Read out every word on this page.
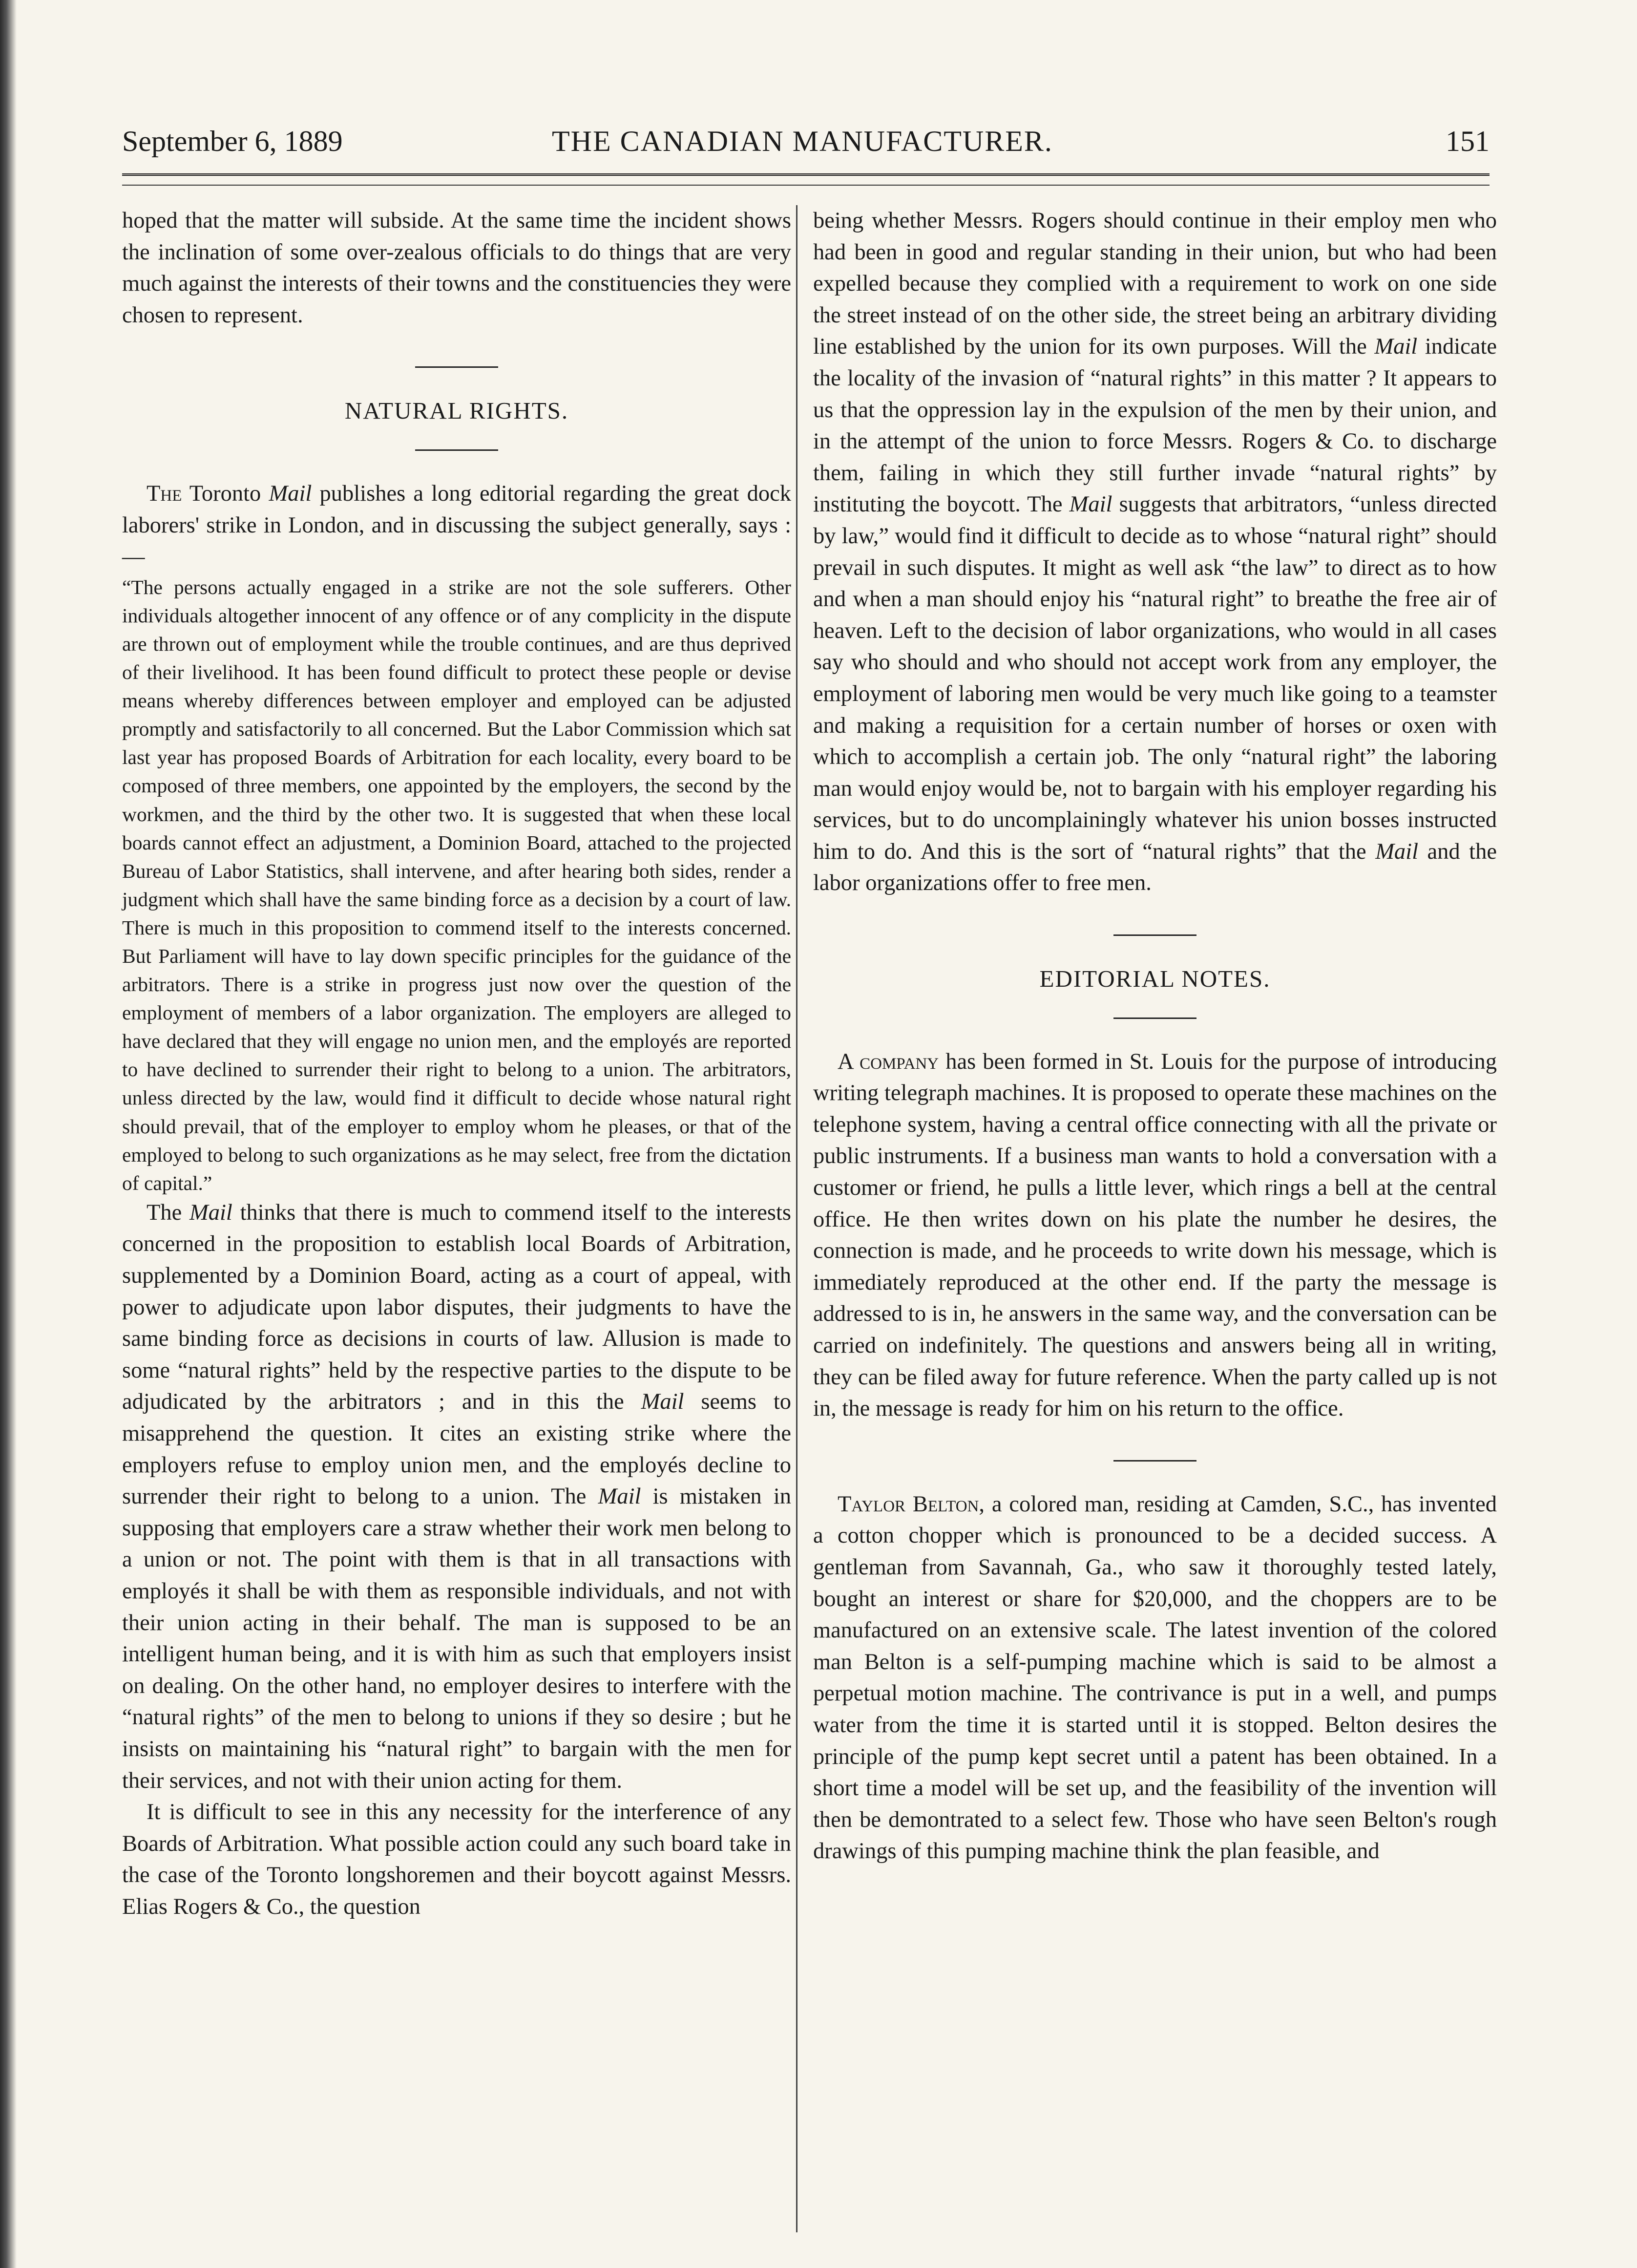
September 6, 1889	THE CANADIAN MANUFACTURER.	151

hoped that the matter will subside. At the same time the incident shows the inclination of some over-zealous officials to do things that are very much against the interests of their towns and the constituencies they were chosen to represent.

NATURAL RIGHTS.

The Toronto Mail publishes a long editorial regarding the great dock laborers' strike in London, and in discussing the subject generally, says :—

“The persons actually engaged in a strike are not the sole sufferers. Other individuals altogether innocent of any offence or of any complicity in the dispute are thrown out of employment while the trouble continues, and are thus deprived of their livelihood. It has been found difficult to protect these people or devise means whereby differences between employer and employed can be adjusted promptly and satisfactorily to all concerned. But the Labor Commission which sat last year has proposed Boards of Arbitration for each locality, every board to be composed of three members, one appointed by the employers, the second by the workmen, and the third by the other two. It is suggested that when these local boards cannot effect an adjustment, a Dominion Board, attached to the projected Bureau of Labor Statistics, shall intervene, and after hearing both sides, render a judgment which shall have the same binding force as a decision by a court of law. There is much in this proposition to commend itself to the interests concerned. But Parliament will have to lay down specific principles for the guidance of the arbitrators. There is a strike in progress just now over the question of the employment of members of a labor organization. The employers are alleged to have declared that they will engage no union men, and the employés are reported to have declined to surrender their right to belong to a union. The arbitrators, unless directed by the law, would find it difficult to decide whose natural right should prevail, that of the employer to employ whom he pleases, or that of the employed to belong to such organizations as he may select, free from the dictation of capital.”

The Mail thinks that there is much to commend itself to the interests concerned in the proposition to establish local Boards of Arbitration, supplemented by a Dominion Board, acting as a court of appeal, with power to adjudicate upon labor disputes, their judgments to have the same binding force as decisions in courts of law. Allusion is made to some “natural rights” held by the respective parties to the dispute to be adjudicated by the arbitrators ; and in this the Mail seems to misapprehend the question. It cites an existing strike where the employers refuse to employ union men, and the employés decline to surrender their right to belong to a union. The Mail is mistaken in supposing that employers care a straw whether their work men belong to a union or not. The point with them is that in all transactions with employés it shall be with them as responsible individuals, and not with their union acting in their behalf. The man is supposed to be an intelligent human being, and it is with him as such that employers insist on dealing. On the other hand, no employer desires to interfere with the “natural rights” of the men to belong to unions if they so desire ; but he insists on maintaining his “natural right” to bargain with the men for their services, and not with their union acting for them.

It is difficult to see in this any necessity for the interference of any Boards of Arbitration. What possible action could any such board take in the case of the Toronto longshoremen and their boycott against Messrs. Elias Rogers & Co., the question

being whether Messrs. Rogers should continue in their employ men who had been in good and regular standing in their union, but who had been expelled because they complied with a requirement to work on one side the street instead of on the other side, the street being an arbitrary dividing line established by the union for its own purposes. Will the Mail indicate the locality of the invasion of “natural rights” in this matter ? It appears to us that the oppression lay in the expulsion of the men by their union, and in the attempt of the union to force Messrs. Rogers & Co. to discharge them, failing in which they still further invade “natural rights” by instituting the boycott. The Mail suggests that arbitrators, “unless directed by law,” would find it difficult to decide as to whose “natural right” should prevail in such disputes. It might as well ask “the law” to direct as to how and when a man should enjoy his “natural right” to breathe the free air of heaven. Left to the decision of labor organizations, who would in all cases say who should and who should not accept work from any employer, the employment of laboring men would be very much like going to a teamster and making a requisition for a certain number of horses or oxen with which to accomplish a certain job. The only “natural right” the laboring man would enjoy would be, not to bargain with his employer regarding his services, but to do uncomplainingly whatever his union bosses instructed him to do. And this is the sort of “natural rights” that the Mail and the labor organizations offer to free men.

EDITORIAL NOTES.

A company has been formed in St. Louis for the purpose of introducing writing telegraph machines. It is proposed to operate these machines on the telephone system, having a central office connecting with all the private or public instruments. If a business man wants to hold a conversation with a customer or friend, he pulls a little lever, which rings a bell at the central office. He then writes down on his plate the number he desires, the connection is made, and he proceeds to write down his message, which is immediately reproduced at the other end. If the party the message is addressed to is in, he answers in the same way, and the conversation can be carried on indefinitely. The questions and answers being all in writing, they can be filed away for future reference. When the party called up is not in, the message is ready for him on his return to the office.

Taylor Belton, a colored man, residing at Camden, S.C., has invented a cotton chopper which is pronounced to be a decided success. A gentleman from Savannah, Ga., who saw it thoroughly tested lately, bought an interest or share for $20,000, and the choppers are to be manufactured on an extensive scale. The latest invention of the colored man Belton is a self-pumping machine which is said to be almost a perpetual motion machine. The contrivance is put in a well, and pumps water from the time it is started until it is stopped. Belton desires the principle of the pump kept secret until a patent has been obtained. In a short time a model will be set up, and the feasibility of the invention will then be demontrated to a select few. Those who have seen Belton's rough drawings of this pumping machine think the plan feasible, and
